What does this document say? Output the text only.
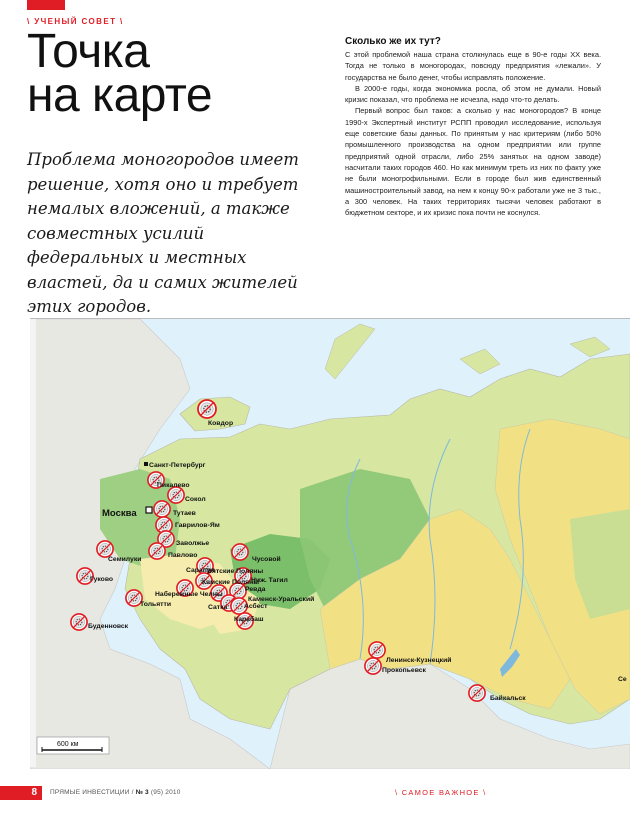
\ УЧЕНЫЙ СОВЕТ \
Точка
на карте
Проблема моногородов имеет решение, хотя оно и требует немалых вложений, а также совместных усилий федеральных и местных властей, да и самих жителей этих городов.
Сколько же их тут?

С этой проблемой наша страна столкнулась еще в 90-е годы XX века. Тогда не только в моногородах, повсюду предприятия «лежали». У государства не было денег, чтобы исправлять положение.

В 2000-е годы, когда экономика росла, об этом не думали. Новый кризис показал, что проблема не исчезла, надо что-то делать.

Первый вопрос был таков: а сколько у нас моногородов? В конце 1990-х Экспертный институт РСПП проводил исследование, используя еще советские базы данных. По принятым у нас критериям (либо 50% промышленного производства на одном предприятии или группе предприятий одной отрасли, либо 25% занятых на одном заводе) насчитали таких городов 460. Но как минимум треть из них по факту уже не были моногрофильными. Если в городе был жив единственный машиностроительный завод, на нем к концу 90-х работали уже не 3 тыс., а 300 человек. На таких территориях тысячи человек работают в бюджетном секторе, и их кризис пока почти не коснулся.

Москва
Ковдор
Санкт-Петербург
Пикалево
Сокол
Тутаев
Гаврилов-Ям
Заволжье
Павлово
Семилуки
Гуково
Тольятти
Набережные Челны
Сарапул
Вятские Поляны
Камские Поляны
Чусовой
Ниж. Тагил
Ревда
Каменск-Уральский
Асбест
Сатка
Карабаш
Буденновск
Ленинск-Кузнецкий
Прокопьевск
Байкальск
Се
600 км
8	ПРЯМЫЕ ИНВЕСТИЦИИ / № 3 (95) 2010	\ САМОЕ ВАЖНОЕ \
